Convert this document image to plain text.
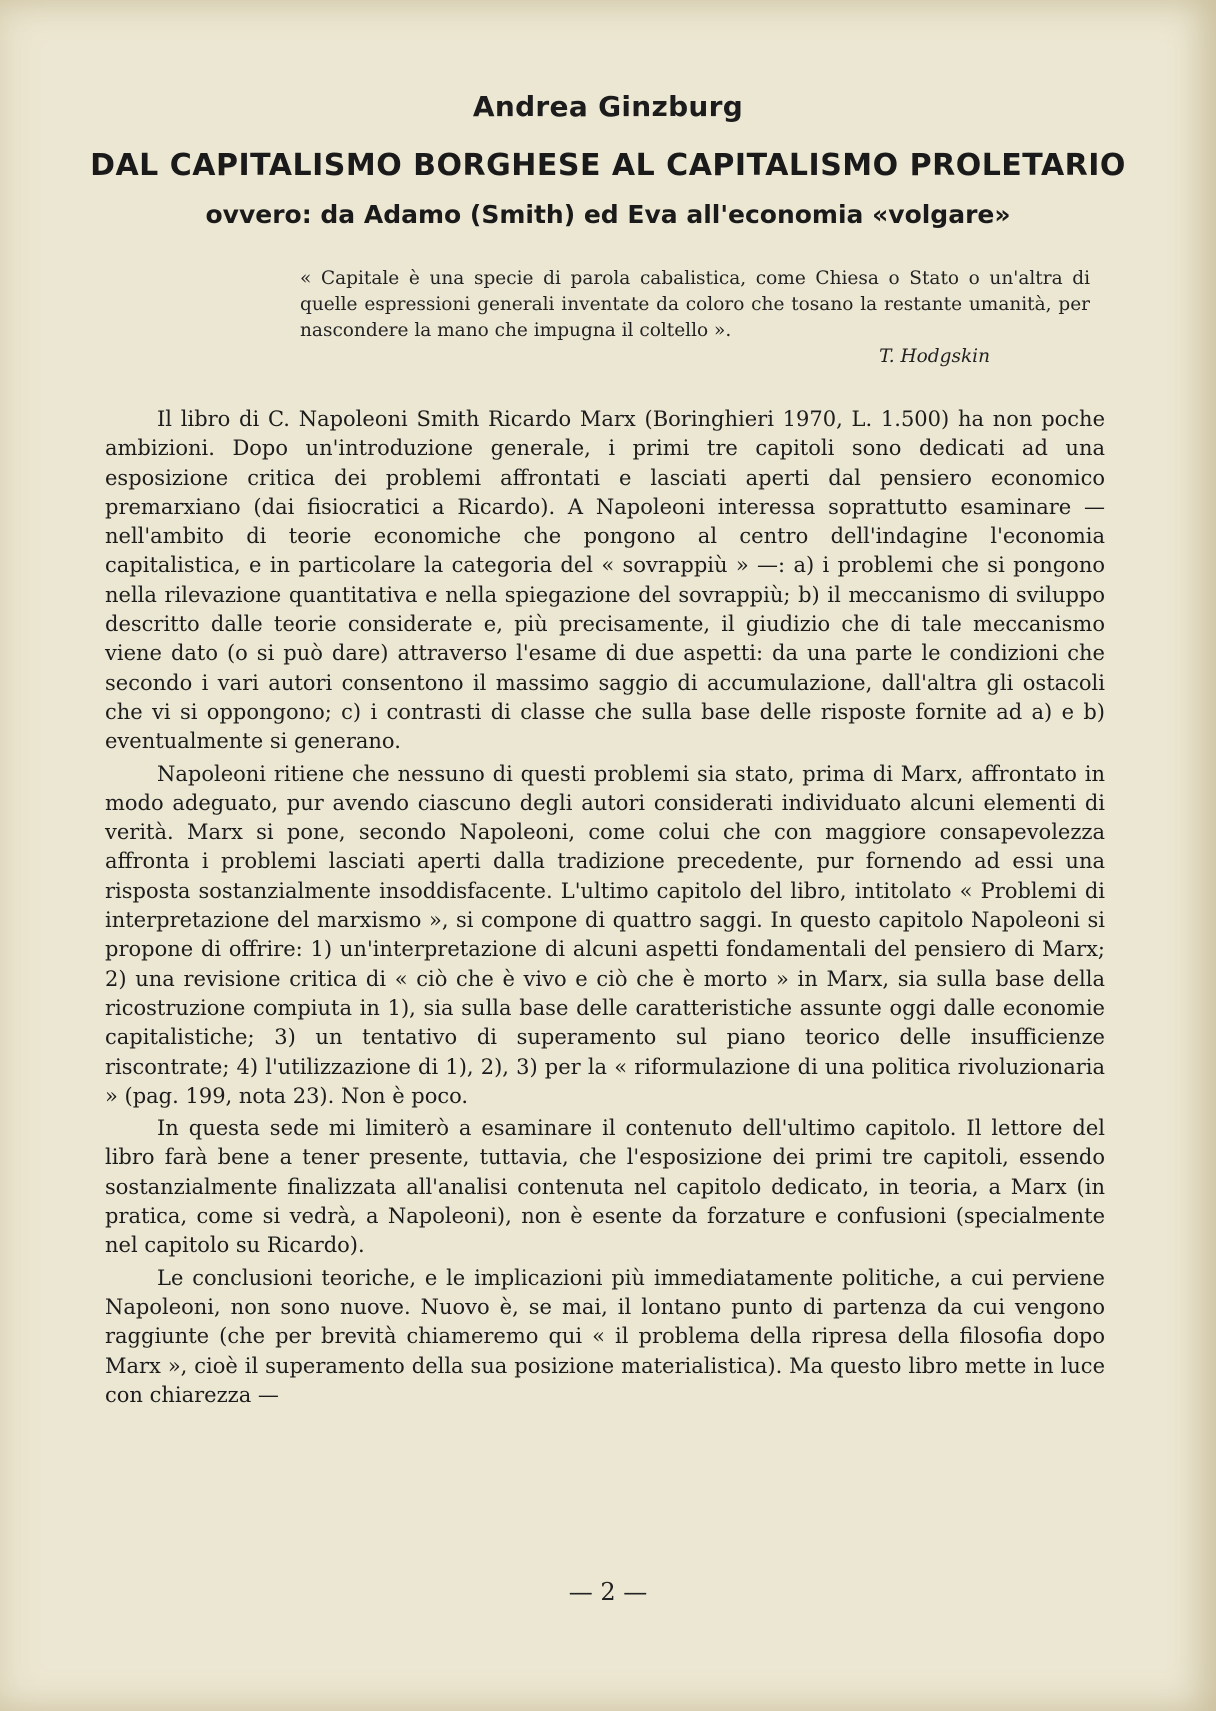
Andrea Ginzburg
DAL CAPITALISMO BORGHESE AL CAPITALISMO PROLETARIO
ovvero: da Adamo (Smith) ed Eva all'economia «volgare»
« Capitale è una specie di parola cabalistica, come Chiesa o Stato o un'altra di quelle espressioni generali inventate da coloro che tosano la restante umanità, per nascondere la mano che impugna il coltello ».
T. Hodgskin

Il libro di C. Napoleoni Smith Ricardo Marx (Boringhieri 1970, L. 1.500) ha non poche ambizioni. Dopo un'introduzione generale, i primi tre capitoli sono dedicati ad una esposizione critica dei problemi affrontati e lasciati aperti dal pensiero economico premarxiano (dai fisiocratici a Ricardo). A Napoleoni interessa soprattutto esaminare — nell'ambito di teorie economiche che pongono al centro dell'indagine l'economia capitalistica, e in particolare la categoria del « sovrappiù » —: a) i problemi che si pongono nella rilevazione quantitativa e nella spiegazione del sovrappiù; b) il meccanismo di sviluppo descritto dalle teorie considerate e, più precisamente, il giudizio che di tale meccanismo viene dato (o si può dare) attraverso l'esame di due aspetti: da una parte le condizioni che secondo i vari autori consentono il massimo saggio di accumulazione, dall'altra gli ostacoli che vi si oppongono; c) i contrasti di classe che sulla base delle risposte fornite ad a) e b) eventualmente si generano.

Napoleoni ritiene che nessuno di questi problemi sia stato, prima di Marx, affrontato in modo adeguato, pur avendo ciascuno degli autori considerati individuato alcuni elementi di verità. Marx si pone, secondo Napoleoni, come colui che con maggiore consapevolezza affronta i problemi lasciati aperti dalla tradizione precedente, pur fornendo ad essi una risposta sostanzialmente insoddisfacente. L'ultimo capitolo del libro, intitolato « Problemi di interpretazione del marxismo », si compone di quattro saggi. In questo capitolo Napoleoni si propone di offrire: 1) un'interpretazione di alcuni aspetti fondamentali del pensiero di Marx; 2) una revisione critica di « ciò che è vivo e ciò che è morto » in Marx, sia sulla base della ricostruzione compiuta in 1), sia sulla base delle caratteristiche assunte oggi dalle economie capitalistiche; 3) un tentativo di superamento sul piano teorico delle insufficienze riscontrate; 4) l'utilizzazione di 1), 2), 3) per la « riformulazione di una politica rivoluzionaria » (pag. 199, nota 23). Non è poco.

In questa sede mi limiterò a esaminare il contenuto dell'ultimo capitolo. Il lettore del libro farà bene a tener presente, tuttavia, che l'esposizione dei primi tre capitoli, essendo sostanzialmente finalizzata all'analisi contenuta nel capitolo dedicato, in teoria, a Marx (in pratica, come si vedrà, a Napoleoni), non è esente da forzature e confusioni (specialmente nel capitolo su Ricardo).

Le conclusioni teoriche, e le implicazioni più immediatamente politiche, a cui perviene Napoleoni, non sono nuove. Nuovo è, se mai, il lontano punto di partenza da cui vengono raggiunte (che per brevità chiameremo qui « il problema della ripresa della filosofia dopo Marx », cioè il superamento della sua posizione materialistica). Ma questo libro mette in luce con chiarezza —

— 2 —
